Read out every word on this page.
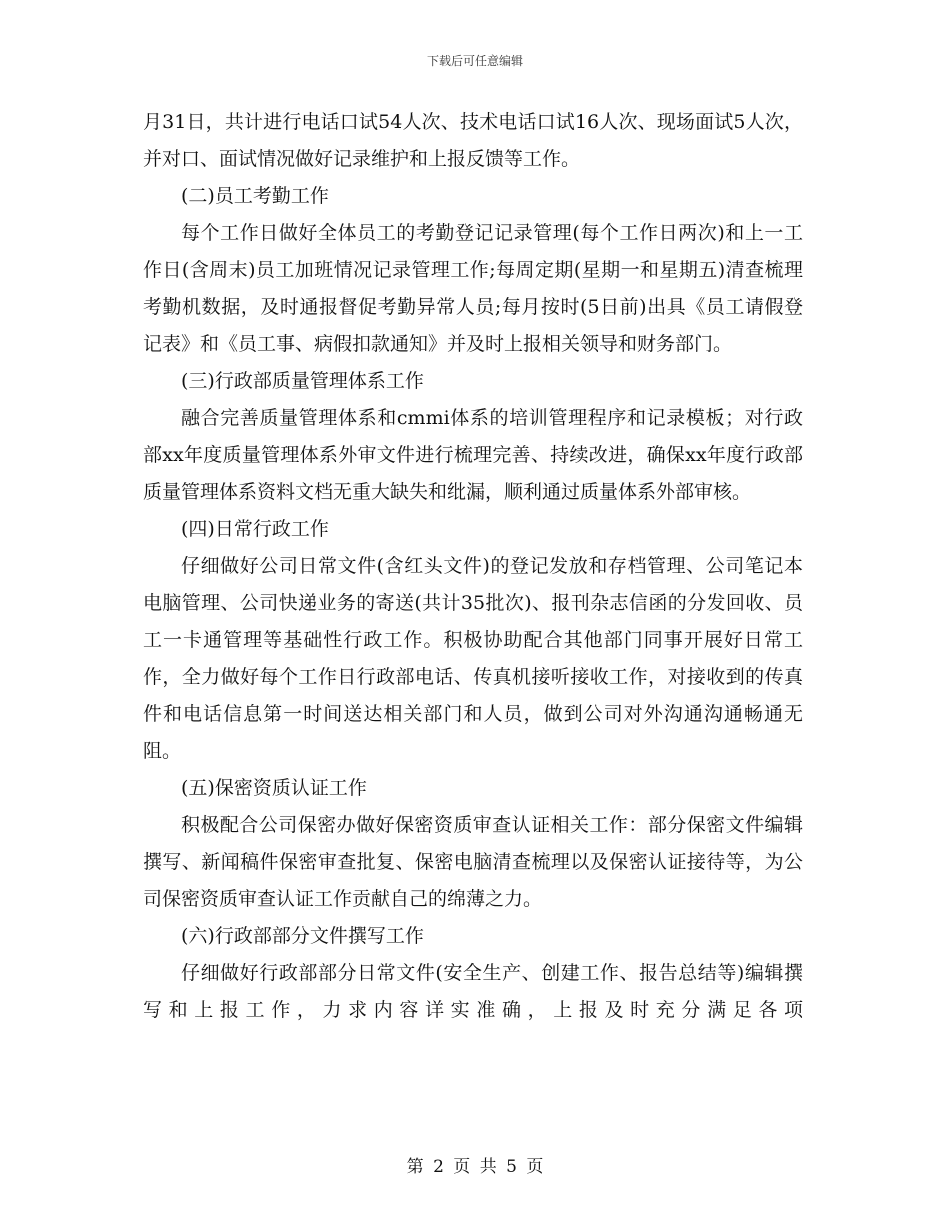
下载后可任意编辑

月31日，共计进行电话口试54人次、技术电话口试16人次、现场面试5人次，并对口、面试情况做好记录维护和上报反馈等工作。

(二)员工考勤工作

每个工作日做好全体员工的考勤登记记录管理(每个工作日两次)和上一工作日(含周末)员工加班情况记录管理工作;每周定期(星期一和星期五)清查梳理考勤机数据，及时通报督促考勤异常人员;每月按时(5日前)出具《员工请假登记表》和《员工事、病假扣款通知》并及时上报相关领导和财务部门。

(三)行政部质量管理体系工作

融合完善质量管理体系和cmmi体系的培训管理程序和记录模板；对行政部xx年度质量管理体系外审文件进行梳理完善、持续改进，确保xx年度行政部质量管理体系资料文档无重大缺失和纰漏，顺利通过质量体系外部审核。

(四)日常行政工作

仔细做好公司日常文件(含红头文件)的登记发放和存档管理、公司笔记本电脑管理、公司快递业务的寄送(共计35批次)、报刊杂志信函的分发回收、员工一卡通管理等基础性行政工作。积极协助配合其他部门同事开展好日常工作，全力做好每个工作日行政部电话、传真机接听接收工作，对接收到的传真件和电话信息第一时间送达相关部门和人员，做到公司对外沟通沟通畅通无阻。

(五)保密资质认证工作

积极配合公司保密办做好保密资质审查认证相关工作：部分保密文件编辑撰写、新闻稿件保密审查批复、保密电脑清查梳理以及保密认证接待等，为公司保密资质审查认证工作贡献自己的绵薄之力。

(六)行政部部分文件撰写工作

仔细做好行政部部分日常文件(安全生产、创建工作、报告总结等)编辑撰写和上报工作，力求内容详实准确，上报及时充分满足各项

第 2 页 共 5 页
